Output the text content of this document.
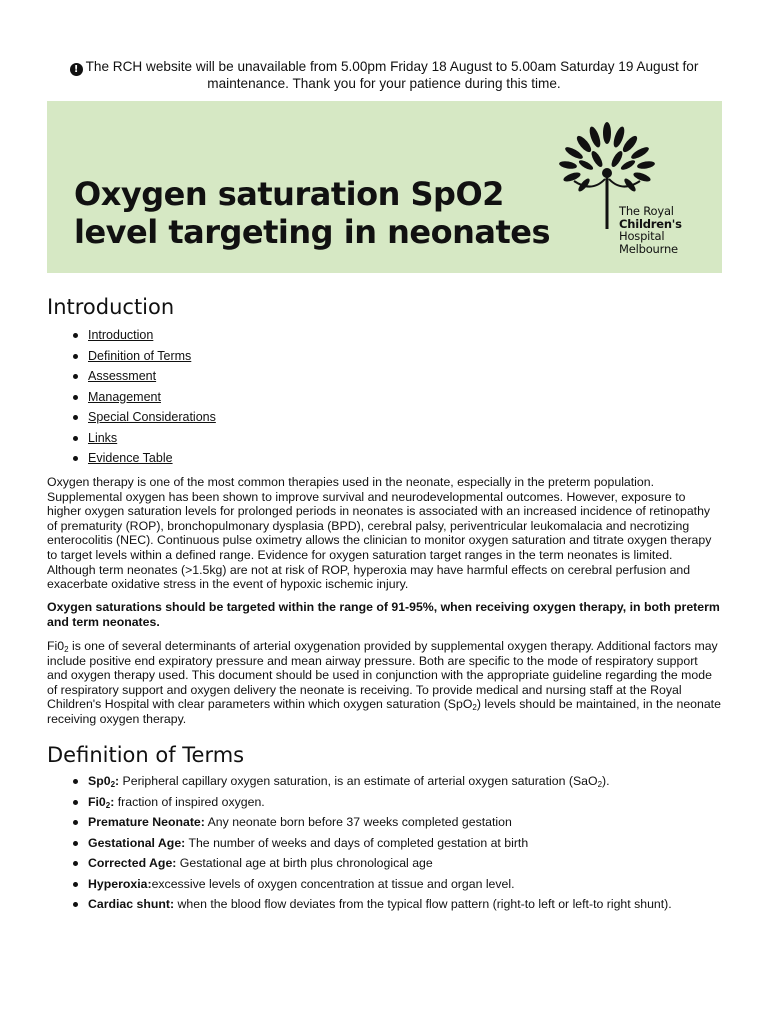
! The RCH website will be unavailable from 5.00pm Friday 18 August to 5.00am Saturday 19 August for maintenance. Thank you for your patience during this time.
Oxygen saturation SpO2 level targeting in neonates
The Royal
Children's
Hospital
Melbourne
Introduction
Introduction
Definition of Terms
Assessment
Management
Special Considerations
Links
Evidence Table

Oxygen therapy is one of the most common therapies used in the neonate, especially in the preterm population. Supplemental oxygen has been shown to improve survival and neurodevelopmental outcomes. However, exposure to higher oxygen saturation levels for prolonged periods in neonates is associated with an increased incidence of retinopathy of prematurity (ROP), bronchopulmonary dysplasia (BPD), cerebral palsy, periventricular leukomalacia and necrotizing enterocolitis (NEC). Continuous pulse oximetry allows the clinician to monitor oxygen saturation and titrate oxygen therapy to target levels within a defined range. Evidence for oxygen saturation target ranges in the term neonates is limited. Although term neonates (>1.5kg) are not at risk of ROP, hyperoxia may have harmful effects on cerebral perfusion and exacerbate oxidative stress in the event of hypoxic ischemic injury.

Oxygen saturations should be targeted within the range of 91-95%, when receiving oxygen therapy, in both preterm and term neonates.

$Fi0_2$ is one of several determinants of arterial oxygenation provided by supplemental oxygen therapy. Additional factors may include positive end expiratory pressure and mean airway pressure. Both are specific to the mode of respiratory support and oxygen therapy used. This document should be used in conjunction with the appropriate guideline regarding the mode of respiratory support and oxygen delivery the neonate is receiving. To provide medical and nursing staff at the Royal Children's Hospital with clear parameters within which oxygen saturation (SpO$_2$) levels should be maintained, in the neonate receiving oxygen therapy.

Definition of Terms
$Sp0_2$: Peripheral capillary oxygen saturation, is an estimate of arterial oxygen saturation (SaO$_2$).
$Fi0_2$: fraction of inspired oxygen.
Premature Neonate: Any neonate born before 37 weeks completed gestation
Gestational Age: The number of weeks and days of completed gestation at birth
Corrected Age: Gestational age at birth plus chronological age
Hyperoxia:excessive levels of oxygen concentration at tissue and organ level.
Cardiac shunt: when the blood flow deviates from the typical flow pattern (right-to left or left-to right shunt).
